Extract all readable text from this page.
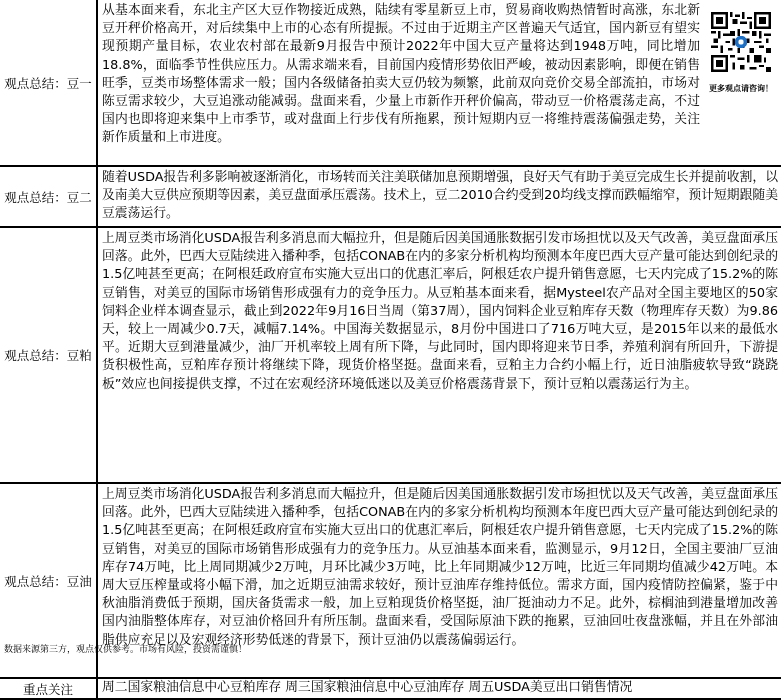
观点总结：豆一
从基本面来看，东北主产区大豆作物接近成熟，陆续有零星新豆上市，贸易商收购热情暂时高涨，东北新豆开秤价格高开，对后续集中上市的心态有所提振。不过由于近期主产区普遍天气适宜，国内新豆有望实现预期产量目标，农业农村部在最新9月报告中预计2022年中国大豆产量将达到1948万吨，同比增加18.8%，面临季节性供应压力。从需求端来看，目前国内疫情形势依旧严峻，被动因素影响，即便在销售旺季，豆类市场整体需求一般；国内各级储备拍卖大豆仍较为频繁，此前双向竞价交易全部流拍，市场对陈豆需求较少，大豆追涨动能减弱。盘面来看，少量上市新作开秤价偏高，带动豆一价格震荡走高，不过国内也即将迎来集中上市季节，或对盘面上行步伐有所拖累，预计短期内豆一将维持震荡偏强走势，关注新作质量和上市进度。
更多观点请咨询！
观点总结：豆二
随着USDA报告利多影响被逐渐消化，市场转而关注美联储加息预期增强，良好天气有助于美豆完成生长并提前收割，以及南美大豆供应预期等因素，美豆盘面承压震荡。技术上，豆二2010合约受到20均线支撑而跌幅缩窄，预计短期跟随美豆震荡运行。
观点总结：豆粕
上周豆类市场消化USDA报告利多消息而大幅拉升，但是随后因美国通胀数据引发市场担忧以及天气改善，美豆盘面承压回落。此外，巴西大豆陆续进入播种季，包括CONAB在内的多家分析机构均预测本年度巴西大豆产量可能达到创纪录的1.5亿吨甚至更高；在阿根廷政府宣布实施大豆出口的优惠汇率后，阿根廷农户提升销售意愿，七天内完成了15.2%的陈豆销售，对美豆的国际市场销售形成强有力的竞争压力。从豆粕基本面来看，据Mysteel农产品对全国主要地区的50家饲料企业样本调查显示，截止到2022年9月16日当周（第37周），国内饲料企业豆粕库存天数（物理库存天数）为9.86天，较上一周减少0.7天，减幅7.14%。中国海关数据显示，8月份中国进口了716万吨大豆，是2015年以来的最低水平。近期大豆到港量减少，油厂开机率较上周有所下降，与此同时，国内即将迎来节日季，养殖利润有所回升，下游提货积极性高，豆粕库存预计将继续下降，现货价格坚挺。盘面来看，豆粕主力合约小幅上行，近日油脂疲软导致“跷跷板”效应也间接提供支撑，不过在宏观经济环境低迷以及美豆价格震荡背景下，预计豆粕以震荡运行为主。
观点总结：豆油
上周豆类市场消化USDA报告利多消息而大幅拉升，但是随后因美国通胀数据引发市场担忧以及天气改善，美豆盘面承压回落。此外，巴西大豆陆续进入播种季，包括CONAB在内的多家分析机构均预测本年度巴西大豆产量可能达到创纪录的1.5亿吨甚至更高；在阿根廷政府宣布实施大豆出口的优惠汇率后，阿根廷农户提升销售意愿，七天内完成了15.2%的陈豆销售，对美豆的国际市场销售形成强有力的竞争压力。从豆油基本面来看，监测显示，9月12日，全国主要油厂豆油库存74万吨，比上周同期减少2万吨，月环比减少3万吨，比上年同期减少12万吨，比近三年同期均值减少42万吨。本周大豆压榨量或将小幅下滑，加之近期豆油需求较好，预计豆油库存维持低位。需求方面，国内疫情防控偏紧，鉴于中秋油脂消费低于预期，国庆备货需求一般，加上豆粕现货价格坚挺，油厂挺油动力不足。此外，棕榈油到港量增加改善国内油脂整体库存，对豆油价格回升有所压制。盘面来看，受国际原油下跌的拖累，豆油回吐夜盘涨幅，并且在外部油脂供应充足以及宏观经济形势低迷的背景下，预计豆油仍以震荡偏弱运行。
重点关注	周二国家粮油信息中心豆粕库存 周三国家粮油信息中心豆油库存 周五USDA美豆出口销售情况
数据来源第三方，观点仅供参考。市场有风险，投资需谨慎！
